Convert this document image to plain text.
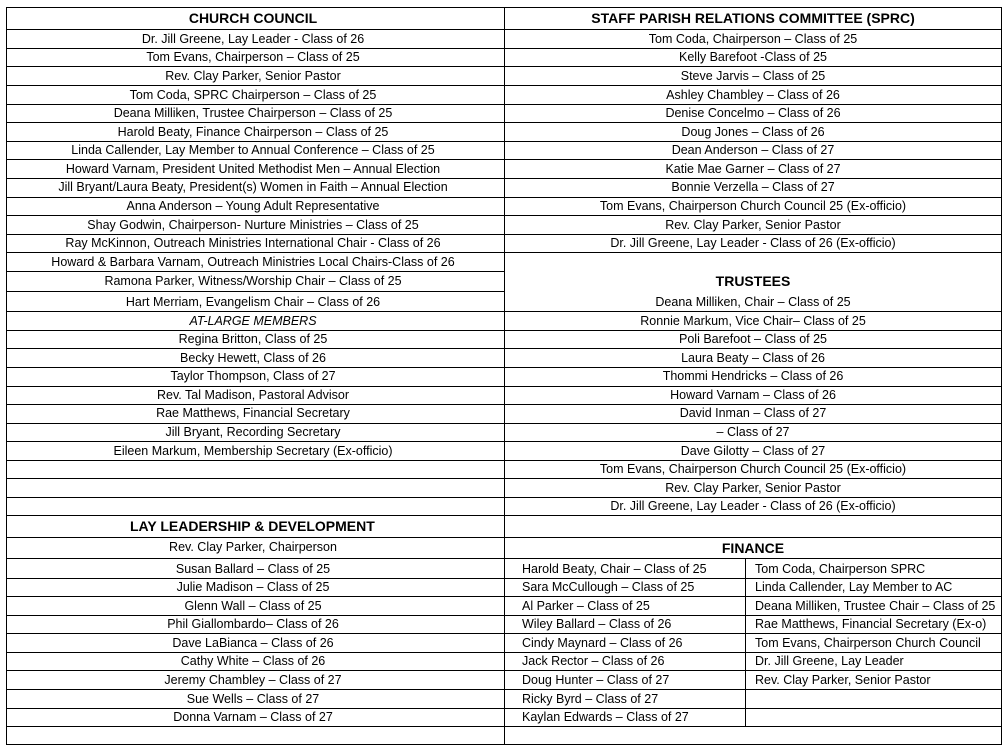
CHURCH COUNCIL
Dr. Jill Greene, Lay Leader - Class of 26
Tom Evans, Chairperson – Class of 25
Rev. Clay Parker, Senior Pastor
Tom Coda, SPRC Chairperson – Class of 25
Deana Milliken, Trustee Chairperson – Class of 25
Harold Beaty, Finance Chairperson – Class of 25
Linda Callender, Lay Member to Annual Conference – Class of 25
Howard Varnam, President United Methodist Men – Annual Election
Jill Bryant/Laura Beaty, President(s) Women in Faith – Annual Election
Anna Anderson – Young Adult Representative
Shay Godwin, Chairperson- Nurture Ministries – Class of 25
Ray McKinnon, Outreach Ministries International Chair - Class of 26
Howard & Barbara Varnam, Outreach Ministries Local Chairs-Class of 26
Ramona Parker, Witness/Worship Chair – Class of 25
Hart Merriam, Evangelism Chair – Class of 26
AT-LARGE MEMBERS
Regina Britton, Class of 25
Becky Hewett, Class of 26
Taylor Thompson, Class of 27
Rev. Tal Madison, Pastoral Advisor
Rae Matthews, Financial Secretary
Jill Bryant, Recording Secretary
Eileen Markum, Membership Secretary (Ex-officio)
LAY LEADERSHIP & DEVELOPMENT
Rev. Clay Parker, Chairperson
Susan Ballard – Class of 25
Julie Madison – Class of 25
Glenn Wall – Class of 25
Phil Giallombardo– Class of 26
Dave LaBianca – Class of 26
Cathy White – Class of 26
Jeremy Chambley – Class of 27
Sue Wells – Class of 27
Donna Varnam – Class of 27
STAFF PARISH RELATIONS COMMITTEE (SPRC)
Tom Coda, Chairperson – Class of 25
Kelly Barefoot -Class of 25
Steve Jarvis – Class of 25
Ashley Chambley – Class of 26
Denise Concelmo – Class of 26
Doug Jones – Class of 26
Dean Anderson – Class of 27
Katie Mae Garner – Class of 27
Bonnie Verzella – Class of 27
Tom Evans, Chairperson Church Council 25 (Ex-officio)
Rev. Clay Parker, Senior Pastor
Dr. Jill Greene, Lay Leader - Class of 26 (Ex-officio)
TRUSTEES
Deana Milliken, Chair – Class of 25
Ronnie Markum, Vice Chair– Class of 25
Poli Barefoot – Class of 25
Laura Beaty – Class of 26
Thommi Hendricks – Class of 26
Howard Varnam – Class of 26
David Inman – Class of 27
– Class of 27
Dave Gilotty – Class of 27
Tom Evans, Chairperson Church Council 25 (Ex-officio)
Rev. Clay Parker, Senior Pastor
Dr. Jill Greene, Lay Leader - Class of 26 (Ex-officio)
FINANCE
Harold Beaty, Chair – Class of 25
Sara McCullough – Class of 25
Al Parker – Class of 25
Wiley Ballard – Class of 26
Cindy Maynard – Class of 26
Jack Rector – Class of 26
Doug Hunter – Class of 27
Ricky Byrd – Class of 27
Kaylan Edwards – Class of 27
Tom Coda, Chairperson SPRC
Linda Callender, Lay Member to AC
Deana Milliken, Trustee Chair – Class of 25
Rae Matthews, Financial Secretary (Ex-o)
Tom Evans, Chairperson Church Council
Dr. Jill Greene, Lay Leader
Rev. Clay Parker, Senior Pastor
